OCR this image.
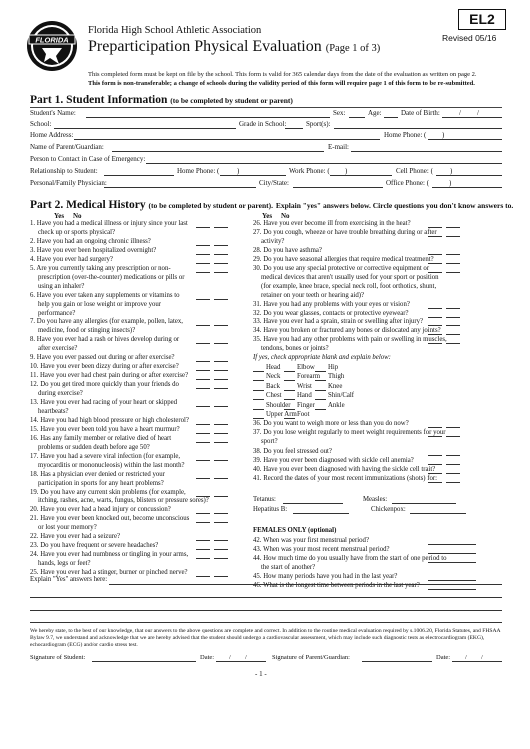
FLORIDA
EL2
Revised 05/16
Florida High School Athletic Association
Preparticipation Physical Evaluation (Page 1 of 3)
This completed form must be kept on file by the school. This form is valid for 365 calendar days from the date of the evaluation as written on page 2.
This form is non-transferable; a change of schools during the validity period of this form will require page 1 of this form to be re-submitted.
Part 1. Student Information (to be completed by student or parent)
Student's Name:	Sex:	Age:	Date of Birth:	/ /
School:	Grade in School:	Sport(s):
Home Address:	Home Phone: ( )
Name of Parent/Guardian:	E-mail:
Person to Contact in Case of Emergency:
Relationship to Student:	Home Phone: (	)	Work Phone: ( )	Cell Phone: ( )
Personal/Family Physician:	City/State:	Office Phone: (	)
Part 2. Medical History (to be completed by student or parent). Explain "yes" answers below. Circle questions you don't know answers to.
Yes No	Yes No
1. Have you had a medical illness or injury since your last
check up or sports physical?
2. Have you had an ongoing chronic illness?
3. Have you ever been hospitalized overnight?
4. Have you ever had surgery?
5. Are you currently taking any prescription or non-
prescription (over-the-counter) medications or pills or
using an inhaler?
6. Have you ever taken any supplements or vitamins to
help you gain or lose weight or improve your
performance?
7. Do you have any allergies (for example, pollen, latex,
medicine, food or stinging insects)?
8. Have you ever had a rash or hives develop during or
after exercise?
9. Have you ever passed out during or after exercise?
10. Have you ever been dizzy during or after exercise?
11. Have you ever had chest pain during or after exercise?
12. Do you get tired more quickly than your friends do
during exercise?
13. Have you ever had racing of your heart or skipped
heartbeats?
14. Have you had high blood pressure or high cholesterol?
15. Have you ever been told you have a heart murmur?
16. Has any family member or relative died of heart
problems or sudden death before age 50?
17. Have you had a severe viral infection (for example,
myocarditis or mononucleosis) within the last month?
18. Has a physician ever denied or restricted your
participation in sports for any heart problems?
19. Do you have any current skin problems (for example,
itching, rashes, acne, warts, fungus, blisters or pressure sores)?
20. Have you ever had a head injury or concussion?
21. Have you ever been knocked out, become unconscious
or lost your memory?
22. Have you ever had a seizure?
23. Do you have frequent or severe headaches?
24. Have you ever had numbness or tingling in your arms,
hands, legs or feet?
25. Have you ever had a stinger, burner or pinched nerve?
26. Have you ever become ill from exercising in the heat?
27. Do you cough, wheeze or have trouble breathing during or after
activity?
28. Do you have asthma?
29. Do you have seasonal allergies that require medical treatment?
30. Do you use any special protective or corrective equipment or
medical devices that aren't usually used for your sport or position
(for example, knee brace, special neck roll, foot orthotics, shunt,
retainer on your teeth or hearing aid)?
31. Have you had any problems with your eyes or vision?
32. Do you wear glasses, contacts or protective eyewear?
33. Have you ever had a sprain, strain or swelling after injury?
34. Have you broken or fractured any bones or dislocated any joints?
35. Have you had any other problems with pain or swelling in muscles,
tendons, bones or joints?
If yes, check appropriate blank and explain below:
Head Elbow Hip
Neck Forearm Thigh
Back	Wrist Knee
Chest Hand Shin/Calf
Shoulder Finger Ankle
Upper Arm Foot
36. Do you want to weigh more or less than you do now?
37. Do you lose weight regularly to meet weight requirements for your
sport?
38. Do you feel stressed out?
39. Have you ever been diagnosed with sickle cell anemia?
40. Have you ever been diagnosed with having the sickle cell trait?
41. Record the dates of your most recent immunizations (shots) for:
Tetanus:	Measles:
Hepatitus B:	Chickenpox:
FEMALES ONLY (optional)
42. When was your first menstrual period?
43. When was your most recent menstrual period?
44. How much time do you usually have from the start of one period to
the start of another?
45. How many periods have you had in the last year?
46. What is the longest time between periods in the last year?
Explain "Yes" answers here:
We hereby state, to the best of our knowledge, that our answers to the above questions are complete and correct. In addition to the routine medical evaluation required by s.1006.20, Florida Statutes, and FHSAA Bylaw 9.7, we understand and acknowledge that we are hereby advised that the student should undergo a cardiovascular assessment, which may include such diagnostic tests as electrocardiogram (EKG), echocardiogram (ECG) and/or cardio stress test.
Signature of Student:	Date: / /	Signature of Parent/Guardian:	Date: / /
- 1 -
